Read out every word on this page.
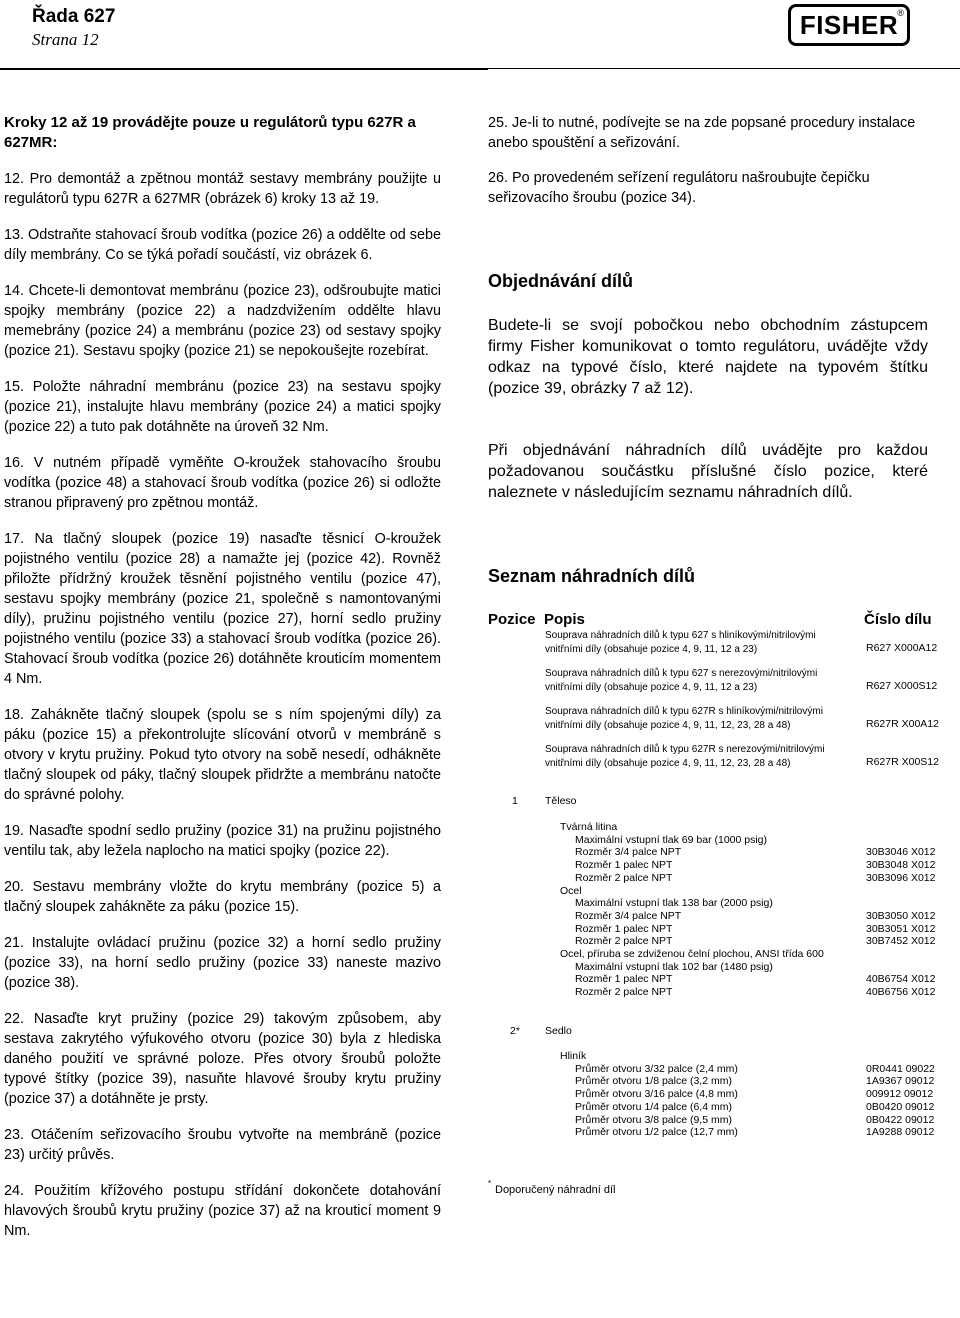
Řada 627
Strana 12	FISHER ®
Kroky 12 až 19 provádějte pouze u regulátorů typu 627R a 627MR:

12. Pro demontáž a zpětnou montáž sestavy membrány použijte u regulátorů typu 627R a 627MR (obrázek 6) kroky 13 až 19.

13. Odstraňte stahovací šroub vodítka (pozice 26) a oddělte od sebe díly membrány. Co se týká pořadí součástí, viz obrázek 6.

14. Chcete-li demontovat membránu (pozice 23), odšroubujte matici spojky membrány (pozice 22) a nadzdvižením oddělte hlavu memebrány (pozice 24) a membránu (pozice 23) od sestavy spojky (pozice 21). Sestavu spojky (pozice 21) se nepokoušejte rozebírat.

15. Položte náhradní membránu (pozice 23) na sestavu spojky (pozice 21), instalujte hlavu membrány (pozice 24) a matici spojky (pozice 22) a tuto pak dotáhněte na úroveň 32 Nm.

16. V nutném případě vyměňte O-kroužek stahovacího šroubu vodítka (pozice 48) a stahovací šroub vodítka (pozice 26) si odložte stranou připravený pro zpětnou montáž.

17. Na tlačný sloupek (pozice 19) nasaďte těsnicí O-kroužek pojistného ventilu (pozice 28) a namažte jej (pozice 42). Rovněž přiložte přídržný kroužek těsnění pojistného ventilu (pozice 47), sestavu spojky membrány (pozice 21, společně s namontovanými díly), pružinu pojistného ventilu (pozice 27), horní sedlo pružiny pojistného ventilu (pozice 33) a stahovací šroub vodítka (pozice 26). Stahovací šroub vodítka (pozice 26) dotáhněte krouticím momentem 4 Nm.

18. Zahákněte tlačný sloupek (spolu se s ním spojenými díly) za páku (pozice 15) a překontrolujte slícování otvorů v membráně s otvory v krytu pružiny. Pokud tyto otvory na sobě nesedí, odhákněte tlačný sloupek od páky, tlačný sloupek přidržte a membránu natočte do správné polohy.

19. Nasaďte spodní sedlo pružiny (pozice 31) na pružinu pojistného ventilu tak, aby ležela naplocho na matici spojky (pozice 22).

20. Sestavu membrány vložte do krytu membrány (pozice 5) a tlačný sloupek zahákněte za páku (pozice 15).

21. Instalujte ovládací pružinu (pozice 32) a horní sedlo pružiny (pozice 33), na horní sedlo pružiny (pozice 33) naneste mazivo (pozice 38).

22. Nasaďte kryt pružiny (pozice 29) takovým způsobem, aby sestava zakrytého výfukového otvoru (pozice 30) byla z hlediska daného použití ve správné poloze. Přes otvory šroubů položte typové štítky (pozice 39), nasuňte hlavové šrouby krytu pružiny (pozice 37) a dotáhněte je prsty.

23. Otáčením seřizovacího šroubu vytvořte na membráně (pozice 23) určitý průvěs.

24. Použitím křížového postupu střídání dokončete dotahování hlavových šroubů krytu pružiny (pozice 37) až na krouticí moment 9 Nm.

25. Je-li to nutné, podívejte se na zde popsané procedury instalace anebo spouštění a seřizování.

26. Po provedeném seřízení regulátoru našroubujte čepičku seřizovacího šroubu (pozice 34).

Objednávání dílů

Budete-li se svojí pobočkou nebo obchodním zástupcem firmy Fisher komunikovat o tomto regulátoru, uvádějte vždy odkaz na typové číslo, které najdete na typovém štítku (pozice 39, obrázky 7 až 12).

Při objednávání náhradních dílů uvádějte pro každou požadovanou součástku příslušné číslo pozice, které naleznete v následujícím seznamu náhradních dílů.

Seznam náhradních dílů
Pozice Popis	Číslo dílu
Souprava náhradních dílů k typu 627 s hliníkovými/nitrilovými
vnitřními díly (obsahuje pozice 4, 9, 11, 12 a 23)	R627 X000A12
Souprava náhradních dílů k typu 627 s nerezovými/nitrilovými
vnitřními díly (obsahuje pozice 4, 9, 11, 12 a 23)	R627 X000S12
Souprava náhradních dílů k typu 627R s hliníkovými/nitrilovými
vnitřními díly (obsahuje pozice 4, 9, 11, 12, 23, 28 a 48)	R627R X00A12
Souprava náhradních dílů k typu 627R s nerezovými/nitrilovými
vnitřními díly (obsahuje pozice 4, 9, 11, 12, 23, 28 a 48)	R627R X00S12
1	Těleso
Tvárná litina
Maximální vstupní tlak 69 bar (1000 psig)
Rozměr 3/4 palce NPT	30B3046 X012
Rozměr 1 palec NPT	30B3048 X012
Rozměr 2 palce NPT	30B3096 X012
Ocel
Maximální vstupní tlak 138 bar (2000 psig)
Rozměr 3/4 palce NPT	30B3050 X012
Rozměr 1 palec NPT	30B3051 X012
Rozměr 2 palce NPT	30B7452 X012
Ocel, příruba se zdviženou čelní plochou, ANSI třída 600
Maximální vstupní tlak 102 bar (1480 psig)
Rozměr 1 palec NPT	40B6754 X012
Rozměr 2 palce NPT	40B6756 X012
2* Sedlo
Hliník
Průměr otvoru 3/32 palce (2,4 mm)	0R0441 09022
Průměr otvoru 1/8 palce (3,2 mm)	1A9367 09012
Průměr otvoru 3/16 palce (4,8 mm)	009912 09012
Průměr otvoru 1/4 palce (6,4 mm)	0B0420 09012
Průměr otvoru 3/8 palce (9,5 mm)	0B0422 09012
Průměr otvoru 1/2 palce (12,7 mm)	1A9288 09012
*
Doporučený náhradní díl
